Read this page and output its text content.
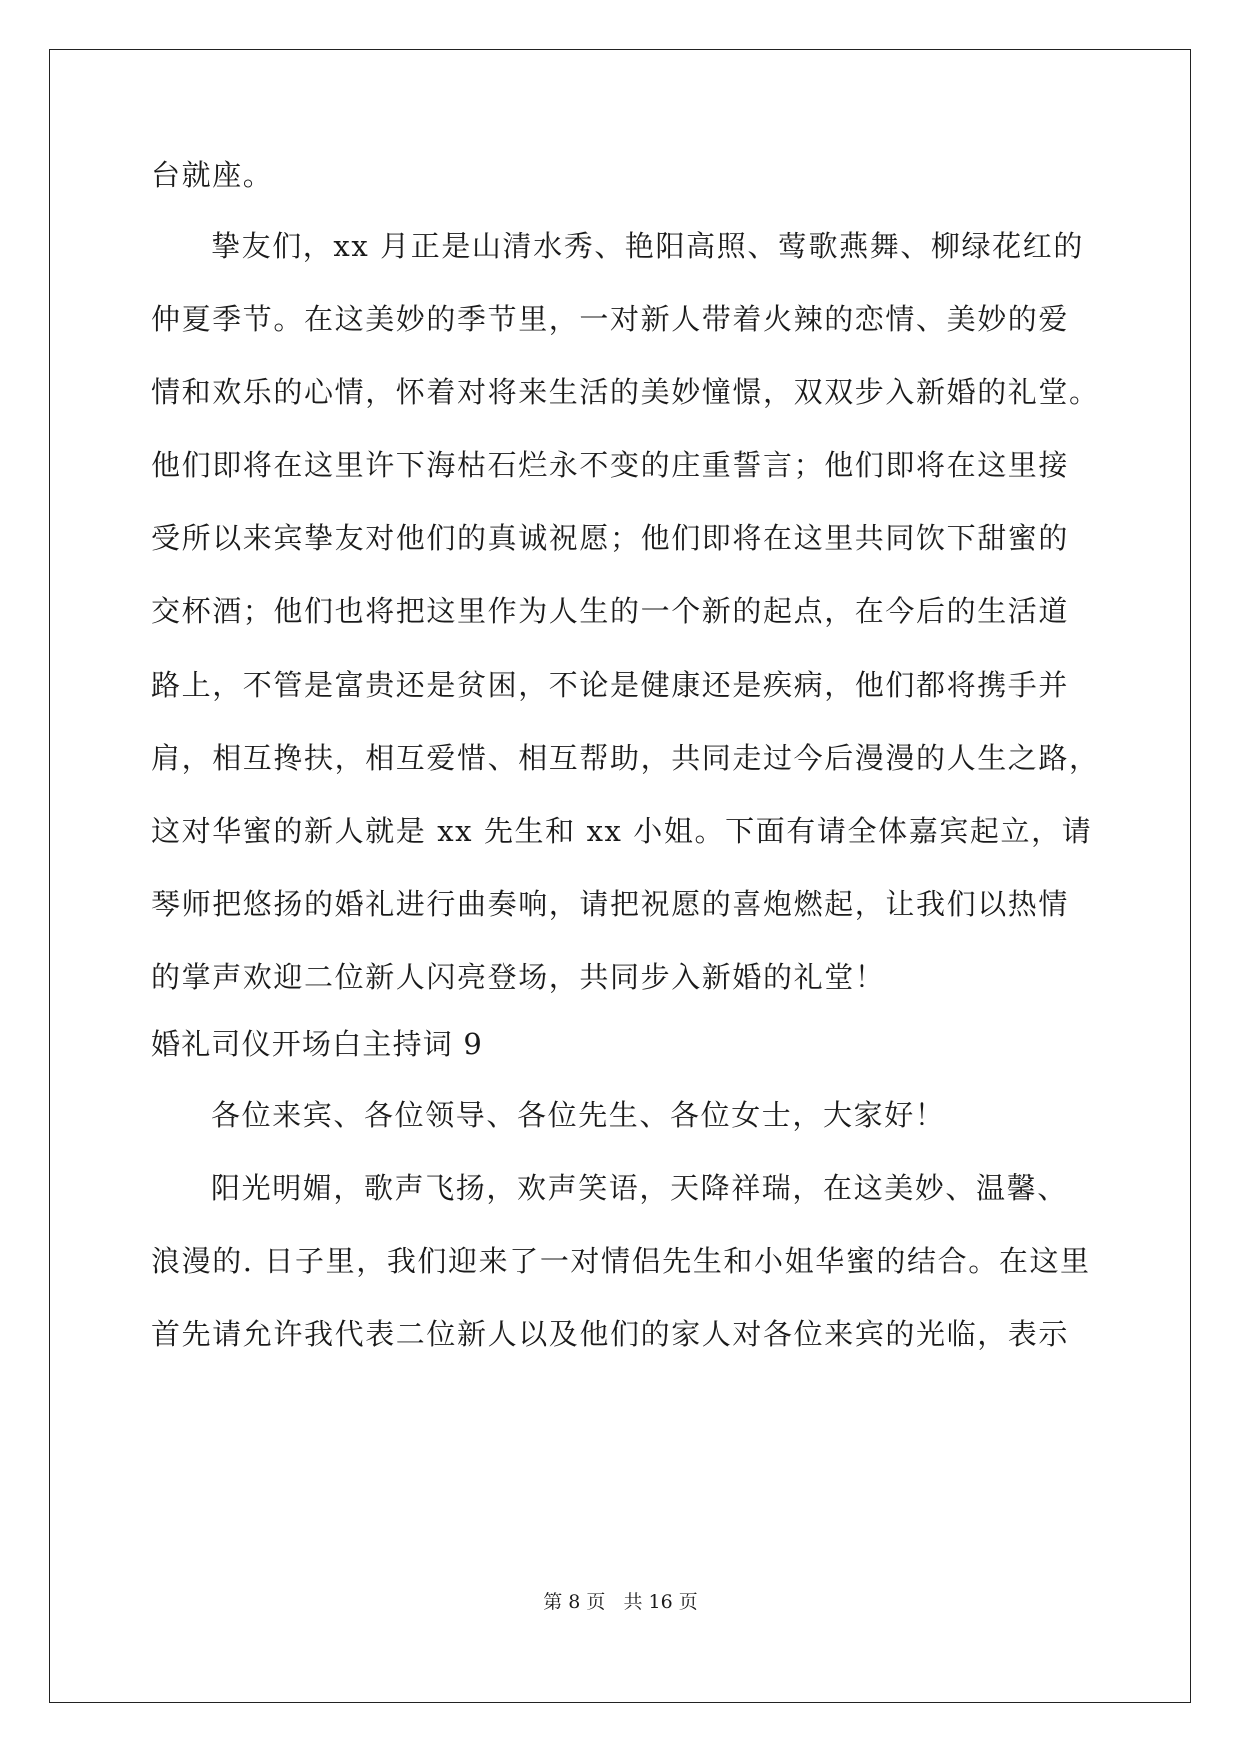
台就座。
挚友们，xx 月正是山清水秀、艳阳高照、莺歌燕舞、柳绿花红的
仲夏季节。在这美妙的季节里，一对新人带着火辣的恋情、美妙的爱
情和欢乐的心情，怀着对将来生活的美妙憧憬，双双步入新婚的礼堂。
他们即将在这里许下海枯石烂永不变的庄重誓言；他们即将在这里接
受所以来宾挚友对他们的真诚祝愿；他们即将在这里共同饮下甜蜜的
交杯酒；他们也将把这里作为人生的一个新的起点，在今后的生活道
路上，不管是富贵还是贫困，不论是健康还是疾病，他们都将携手并
肩，相互搀扶，相互爱惜、相互帮助，共同走过今后漫漫的人生之路，
这对华蜜的新人就是 xx 先生和 xx 小姐。下面有请全体嘉宾起立，请
琴师把悠扬的婚礼进行曲奏响，请把祝愿的喜炮燃起，让我们以热情
的掌声欢迎二位新人闪亮登场，共同步入新婚的礼堂！
婚礼司仪开场白主持词 9
各位来宾、各位领导、各位先生、各位女士，大家好！
阳光明媚，歌声飞扬，欢声笑语，天降祥瑞，在这美妙、温馨、
浪漫的. 日子里，我们迎来了一对情侣先生和小姐华蜜的结合。在这里
首先请允许我代表二位新人以及他们的家人对各位来宾的光临，表示
第 8 页 共 16 页
